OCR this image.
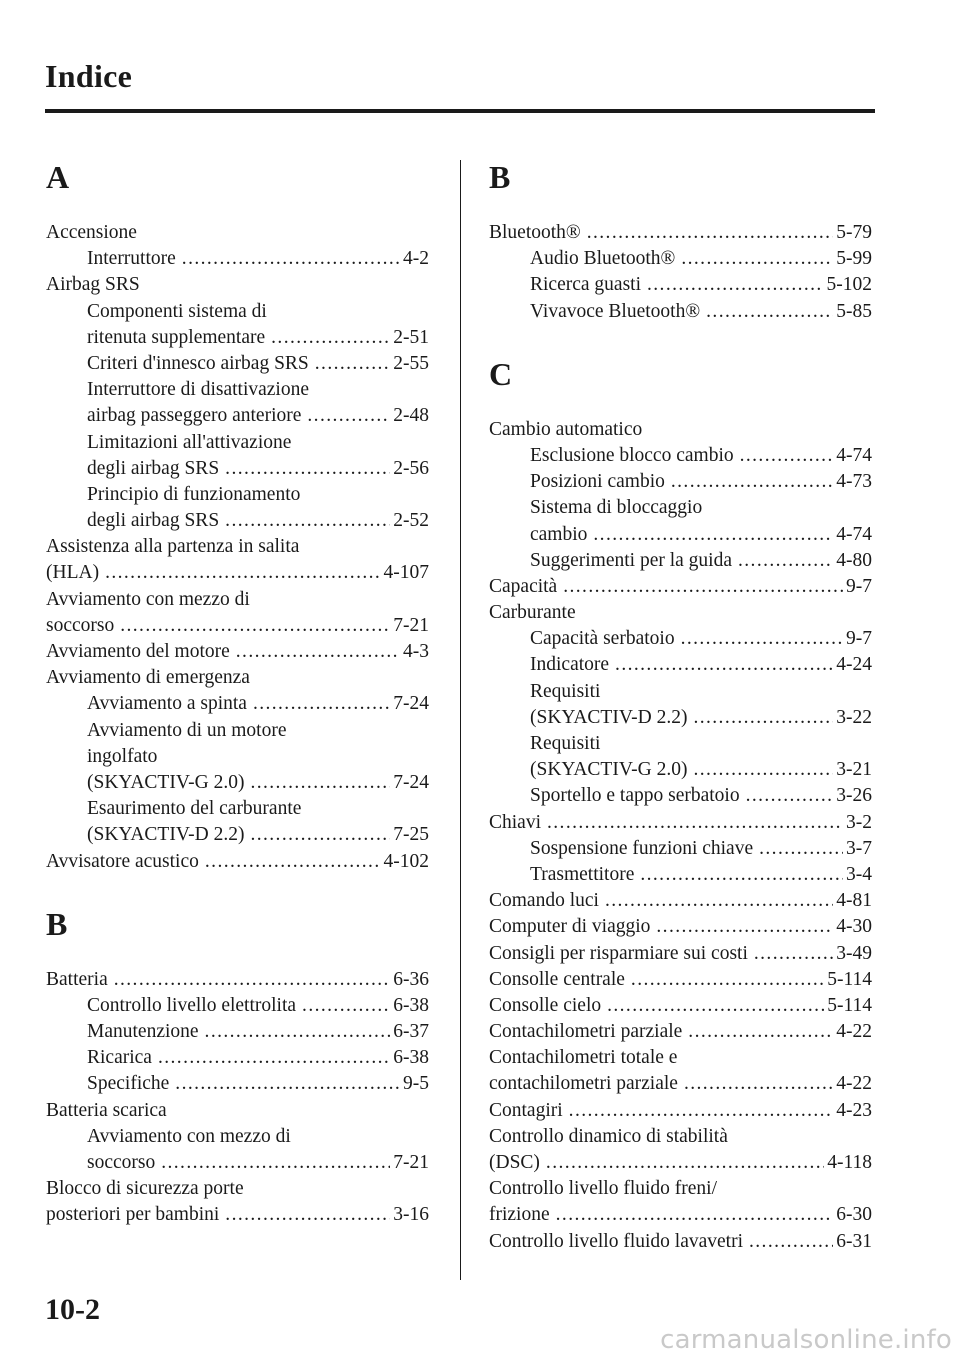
Indice
A
Accensione
Interruttore .....	4-2
Airbag SRS
Componenti sistema di
ritenuta supplementare .....	2-51
Criteri d'innesco airbag SRS .....	2-55
Interruttore di disattivazione
airbag passeggero anteriore .....	2-48
Limitazioni all'attivazione
degli airbag SRS .....	2-56
Principio di funzionamento
degli airbag SRS .....	2-52
Assistenza alla partenza in salita
(HLA) .....	4-107
Avviamento con mezzo di
soccorso .....	7-21
Avviamento del motore .....	4-3
Avviamento di emergenza
Avviamento a spinta .....	7-24
Avviamento di un motore
ingolfato
(SKYACTIV-G 2.0) .....	7-24
Esaurimento del carburante
(SKYACTIV-D 2.2) .....	7-25
Avvisatore acustico .....	4-102
B
Batteria .....	6-36
Controllo livello elettrolita .....	6-38
Manutenzione .....	6-37
Ricarica .....	6-38
Specifiche .....	9-5
Batteria scarica
Avviamento con mezzo di
soccorso .....	7-21
Blocco di sicurezza porte
posteriori per bambini .....	3-16
B
Bluetooth® .....	5-79
Audio Bluetooth® .....	5-99
Ricerca guasti .....	5-102
Vivavoce Bluetooth® .....	5-85
C
Cambio automatico
Esclusione blocco cambio .....	4-74
Posizioni cambio .....	4-73
Sistema di bloccaggio
cambio .....	4-74
Suggerimenti per la guida .....	4-80
Capacità .....	9-7
Carburante
Capacità serbatoio .....	9-7
Indicatore .....	4-24
Requisiti
(SKYACTIV-D 2.2) .....	3-22
Requisiti
(SKYACTIV-G 2.0) .....	3-21
Sportello e tappo serbatoio .....	3-26
Chiavi .....	3-2
Sospensione funzioni chiave .....	3-7
Trasmettitore .....	3-4
Comando luci .....	4-81
Computer di viaggio .....	4-30
Consigli per risparmiare sui costi .....	3-49
Consolle centrale .....	5-114
Consolle cielo .....	5-114
Contachilometri parziale .....	4-22
Contachilometri totale e
contachilometri parziale .....	4-22
Contagiri .....	4-23
Controllo dinamico di stabilità
(DSC) .....	4-118
Controllo livello fluido freni/
frizione .....	6-30
Controllo livello fluido lavavetri .....	6-31
10-2
carmanualsonline.info
